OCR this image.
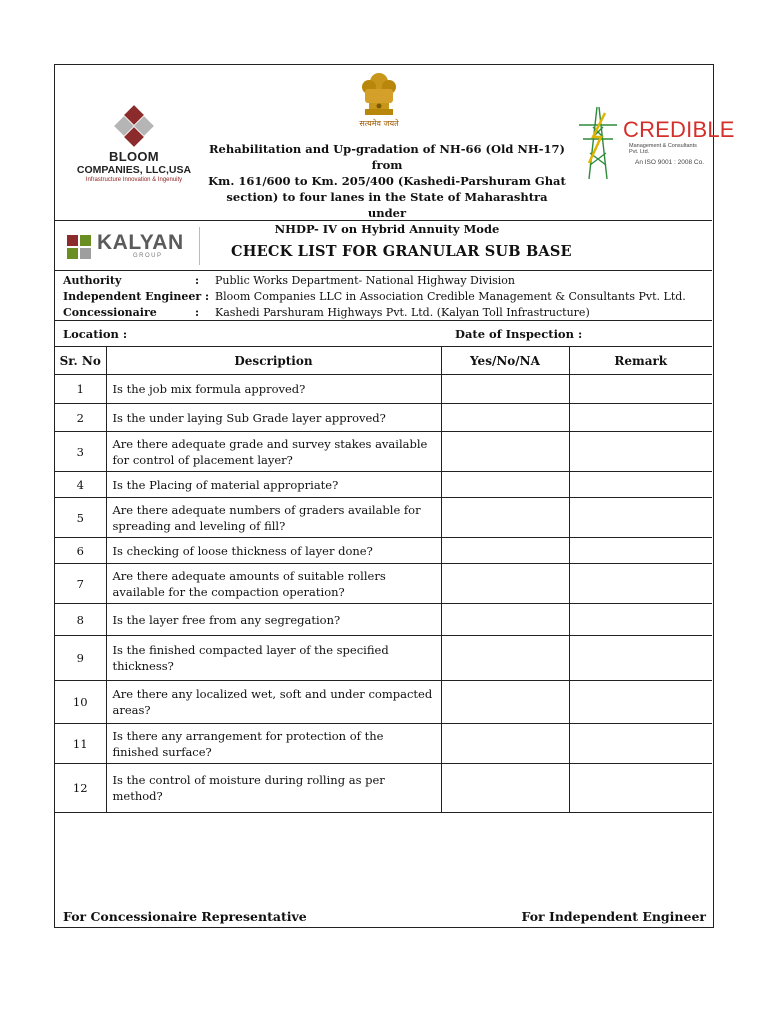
BLOOM
COMPANIES, LLC,USA
Infrastructure Innovation & Ingenuity
सत्यमेव जयते
Rehabilitation and Up-gradation of NH-66 (Old NH-17) from
Km. 161/600 to Km. 205/400 (Kashedi-Parshuram Ghat
section) to four lanes in the State of Maharashtra under
NHDP- IV on Hybrid Annuity Mode
CREDIBLE
Management & Consultants Pvt. Ltd.
An ISO 9001 : 2008 Co.
KALYAN
GROUP	CHECK LIST FOR GRANULAR SUB BASE
Authority	: Public Works Department- National Highway Division
Independent Engineer : Bloom Companies LLC in Association Credible Management & Consultants Pvt. Ltd.
Concessionaire	: Kashedi Parshuram Highways Pvt. Ltd. (Kalyan Toll Infrastructure)
Location :	Date of Inspection :
Sr. No	Description	Yes/No/NA	Remark
1	Is the job mix formula approved?		

2	Is the under laying Sub Grade layer approved?		

3	Are there adequate grade and survey stakes available
for control of placement layer?		

4	Is the Placing of material appropriate?		

5	Are there adequate numbers of graders available for
spreading and leveling of fill?		

6	Is checking of loose thickness of layer done?		

7	Are there adequate amounts of suitable rollers
available for the compaction operation?		

8	Is the layer free from any segregation?		

9	Is the finished compacted layer of the specified
thickness?		

10	Are there any localized wet, soft and under compacted
areas?		

11	Is there any arrangement for protection of the
finished surface?		

12	Is the control of moisture during rolling as per
method?		

For Concessionaire Representative	For Independent Engineer
